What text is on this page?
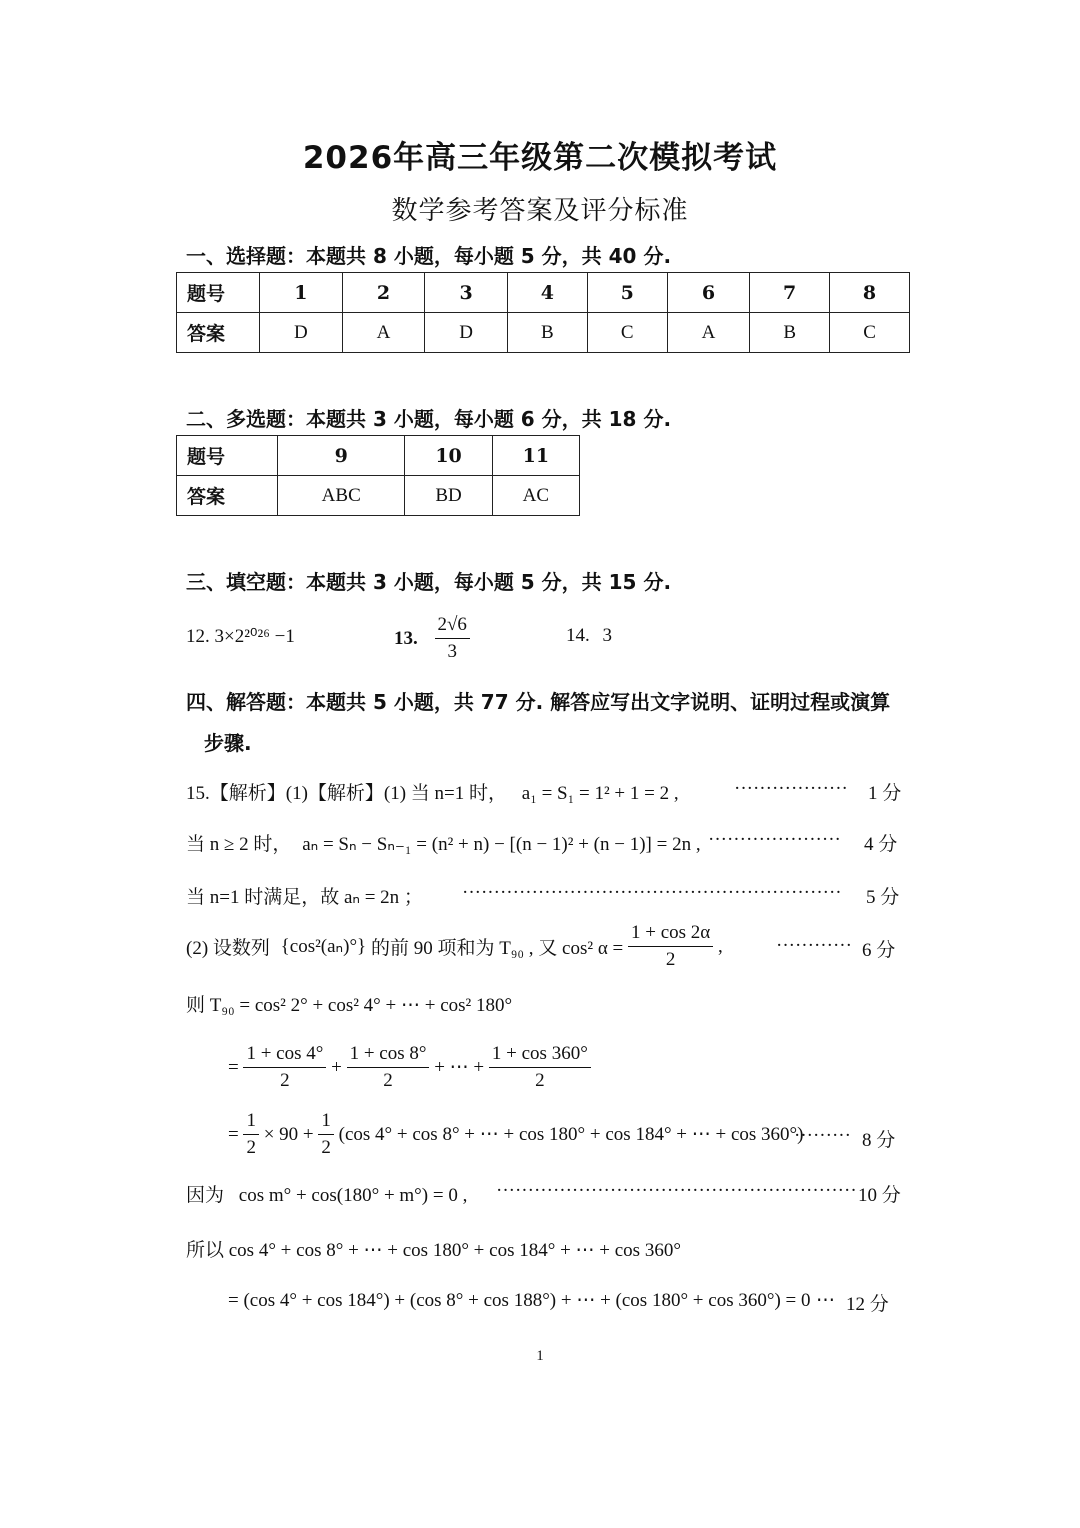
2026年高三年级第二次模拟考试
数学参考答案及评分标准
一、选择题：本题共 8 小题，每小题 5 分，共 40 分.
题号	1	2	3	4	5	6	7	8
答案	D	A	D	B	C	A	B	C
二、多选题：本题共 3 小题，每小题 6 分，共 18 分.
题号	9	10	11
答案	ABC	BD	AC
三、填空题：本题共 3 小题，每小题 5 分，共 15 分.
12. 3×2²⁰²⁶ −1	13. $\frac{2√6}{3}$	14. 3
四、解答题：本题共 5 小题，共 77 分. 解答应写出文字说明、证明过程或演算
步骤.
15.【解析】(1)【解析】(1) 当 n=1 时， a₁ = S₁ = 1² + 1 = 2 ,	·················· 1 分
当 n ≥ 2 时， aₙ = Sₙ − Sₙ₋₁ = (n² + n) − [(n − 1)² + (n − 1)] = 2n , ····················· 4 分
当 n=1 时满足，故 aₙ = 2n ； ···························································· 5 分
(2) 设数列 {cos²(aₙ)°} 的前 90 项和为 T₉₀ , 又 cos² $\alpha = \frac{1 + \cos 2\alpha}{2}$ ,	············ 6 分
则 T₉₀ = cos² 2° + cos² 4° + ⋯ + cos² 180°
= $\frac{1 + \cos 4^\circ}{2} + \frac{1 + \cos 8^\circ}{2}$ + ⋯ + $\frac{1 + \cos 360^\circ}{2}$
= $\frac{1}{2} \times 90 + \frac{1}{2} (\cos$ 4° + cos 8° + ⋯ + cos 180° + cos 184° + ⋯ + cos 360°)
········· 8 分
因为 cos m° + cos(180° + m°) = 0 , ························································· 10 分
所以 cos 4° + cos 8° + ⋯ + cos 180° + cos 184° + ⋯ + cos 360°
= (cos 4° + cos 184°) + (cos 8° + cos 188°) + ⋯ + (cos 180° + cos 360°) = 0 ⋯ 12 分
1
